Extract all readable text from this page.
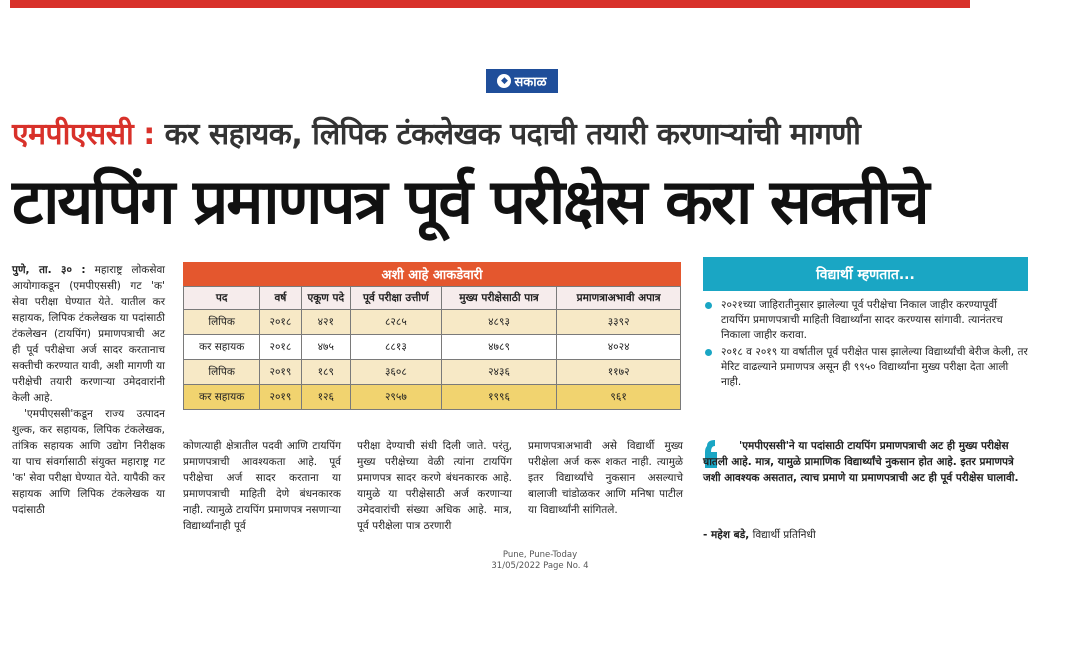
◆ सकाळ
एमपीएससी : कर सहायक, लिपिक टंकलेखक पदाची तयारी करणाऱ्यांची मागणी
टायपिंग प्रमाणपत्र पूर्व परीक्षेस करा सक्तीचे

पुणे, ता. ३० : महाराष्ट्र लोकसेवा आयोगाकडून (एमपीएससी) गट 'क' सेवा परीक्षा घेण्यात येते. यातील कर सहायक, लिपिक टंकलेखक या पदांसाठी टंकलेखन (टायपिंग) प्रमाणपत्राची अट ही पूर्व परीक्षेचा अर्ज सादर करतानाच सक्तीची करण्यात यावी, अशी मागणी या परीक्षेची तयारी करणाऱ्या उमेदवारांनी केली आहे.

'एमपीएससी'कडून राज्य उत्पादन शुल्क, कर सहायक, लिपिक टंकलेखक, तांत्रिक सहायक आणि उद्योग निरीक्षक या पाच संवर्गासाठी संयुक्त महाराष्ट्र गट 'क' सेवा परीक्षा घेण्यात येते. यापैकी कर सहायक आणि लिपिक टंकलेखक या पदांसाठी

अशी आहे आकडेवारी
पद	वर्ष	एकूण पदे	पूर्व परीक्षा उत्तीर्ण	मुख्य परीक्षेसाठी पात्र	प्रमाणत्राअभावी अपात्र
लिपिक	२०१८	४२१	८२८५	४८९३	३३९२
कर सहायक	२०१८	४७५	८८१३	४७८९	४०२४
लिपिक	२०१९	१८९	३६०८	२४३६	११७२
कर सहायक	२०१९	१२६	२९५७	१९९६	९६१
कोणत्याही क्षेत्रातील पदवी आणि टायपिंग प्रमाणपत्राची आवश्यकता आहे. पूर्व परीक्षेचा अर्ज सादर करताना या प्रमाणपत्राची माहिती देणे बंधनकारक नाही. त्यामुळे टायपिंग प्रमाणपत्र नसणाऱ्या विद्यार्थ्यांनाही पूर्व
परीक्षा देण्याची संधी दिली जाते. परंतु, मुख्य परीक्षेच्या वेळी त्यांना टायपिंग प्रमाणपत्र सादर करणे बंधनकारक आहे. यामुळे या परीक्षेसाठी अर्ज करणाऱ्या उमेदवारांची संख्या अधिक आहे. मात्र, पूर्व परीक्षेला पात्र ठरणारी
प्रमाणपत्राअभावी असे विद्यार्थी मुख्य परीक्षेला अर्ज करू शकत नाही. त्यामुळे इतर विद्यार्थ्यांचे नुकसान असल्याचे बालाजी चांडोळकर आणि मनिषा पाटील या विद्यार्थ्यांनी सांगितले.
विद्यार्थी म्हणतात...
२०२१च्या जाहिरातीनुसार झालेल्या पूर्व परीक्षेचा निकाल जाहीर करण्यापूर्वी टायपिंग प्रमाणपत्राची माहिती विद्यार्थ्यांना सादर करण्यास सांगावी. त्यानंतरच निकाला जाहीर करावा.
२०१८ व २०१९ या वर्षातील पूर्व परीक्षेत पास झालेल्या विद्यार्थ्यांची बेरीज केली, तर मेरिट वाढल्याने प्रमाणपत्र असून ही ९९५० विद्यार्थ्यांना मुख्य परीक्षा देता आली नाही.
'एमपीएससी'ने या पदांसाठी टायपिंग प्रमाणपत्राची अट ही मुख्य परीक्षेस घातली आहे. मात्र, यामुळे प्रामाणिक विद्यार्थ्यांचे नुकसान होत आहे. इतर प्रमाणपत्रे जशी आवश्यक असतात, त्याच प्रमाणे या प्रमाणपत्राची अट ही पूर्व परीक्षेस घालावी.
- महेश बडे, विद्यार्थी प्रतिनिधी
Pune, Pune-Today
31/05/2022 Page No. 4
